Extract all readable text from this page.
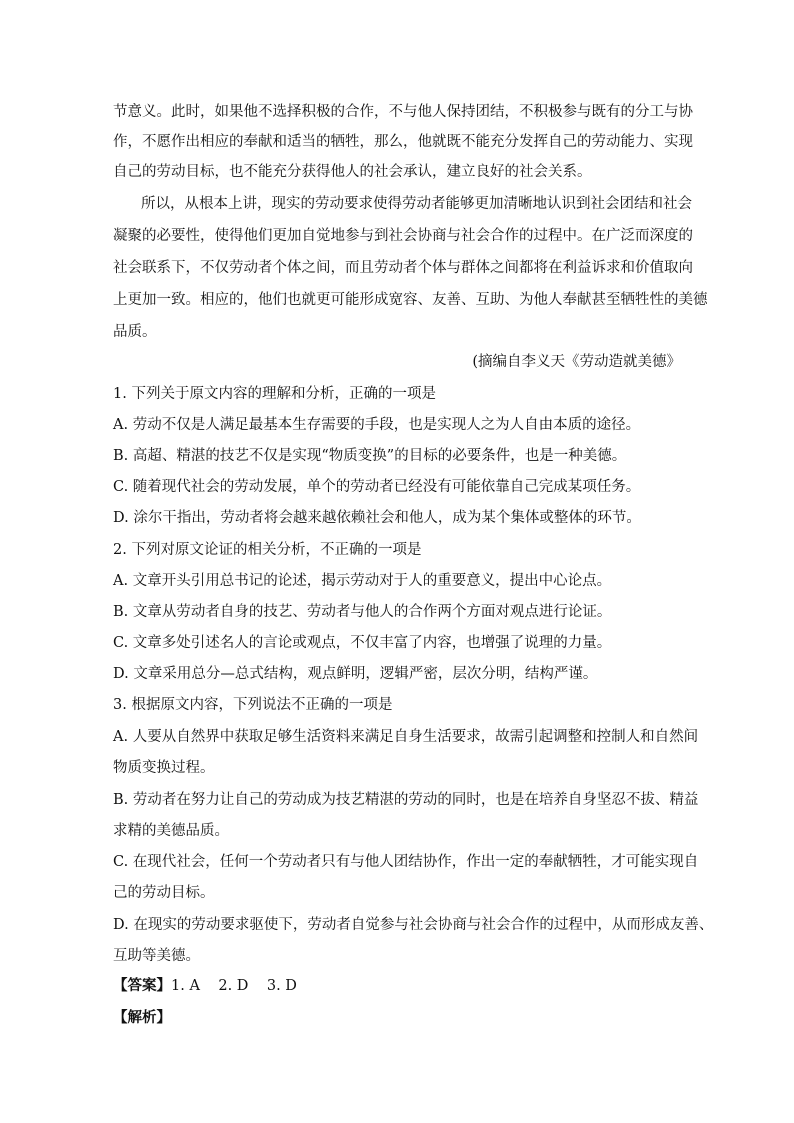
节意义。此时，如果他不选择积极的合作，不与他人保持团结，不积极参与既有的分工与协
作，不愿作出相应的奉献和适当的牺牲，那么，他就既不能充分发挥自己的劳动能力、实现
自己的劳动目标，也不能充分获得他人的社会承认，建立良好的社会关系。
所以，从根本上讲，现实的劳动要求使得劳动者能够更加清晰地认识到社会团结和社会
凝聚的必要性，使得他们更加自觉地参与到社会协商与社会合作的过程中。在广泛而深度的
社会联系下，不仅劳动者个体之间，而且劳动者个体与群体之间都将在利益诉求和价值取向
上更加一致。相应的，他们也就更可能形成宽容、友善、互助、为他人奉献甚至牺牲性的美德
品质。
(摘编自李义天《劳动造就美德》
1. 下列关于原文内容的理解和分析，正确的一项是
A. 劳动不仅是人满足最基本生存需要的手段，也是实现人之为人自由本质的途径。
B. 高超、精湛的技艺不仅是实现“物质变换”的目标的必要条件，也是一种美德。
C. 随着现代社会的劳动发展，单个的劳动者已经没有可能依靠自己完成某项任务。
D. 涂尔干指出，劳动者将会越来越依赖社会和他人，成为某个集体或整体的环节。
2. 下列对原文论证的相关分析，不正确的一项是
A. 文章开头引用总书记的论述，揭示劳动对于人的重要意义，提出中心论点。
B. 文章从劳动者自身的技艺、劳动者与他人的合作两个方面对观点进行论证。
C. 文章多处引述名人的言论或观点，不仅丰富了内容，也增强了说理的力量。
D. 文章采用总分—总式结构，观点鲜明，逻辑严密，层次分明，结构严谨。
3. 根据原文内容，下列说法不正确的一项是
A. 人要从自然界中获取足够生活资料来满足自身生活要求，故需引起调整和控制人和自然间
物质变换过程。
B. 劳动者在努力让自己的劳动成为技艺精湛的劳动的同时，也是在培养自身坚忍不拔、精益
求精的美德品质。
C. 在现代社会，任何一个劳动者只有与他人团结协作，作出一定的奉献牺牲，才可能实现自
己的劳动目标。
D. 在现实的劳动要求驱使下，劳动者自觉参与社会协商与社会合作的过程中，从而形成友善、
互助等美德。
【答案】1. A    2. D    3. D
【解析】
